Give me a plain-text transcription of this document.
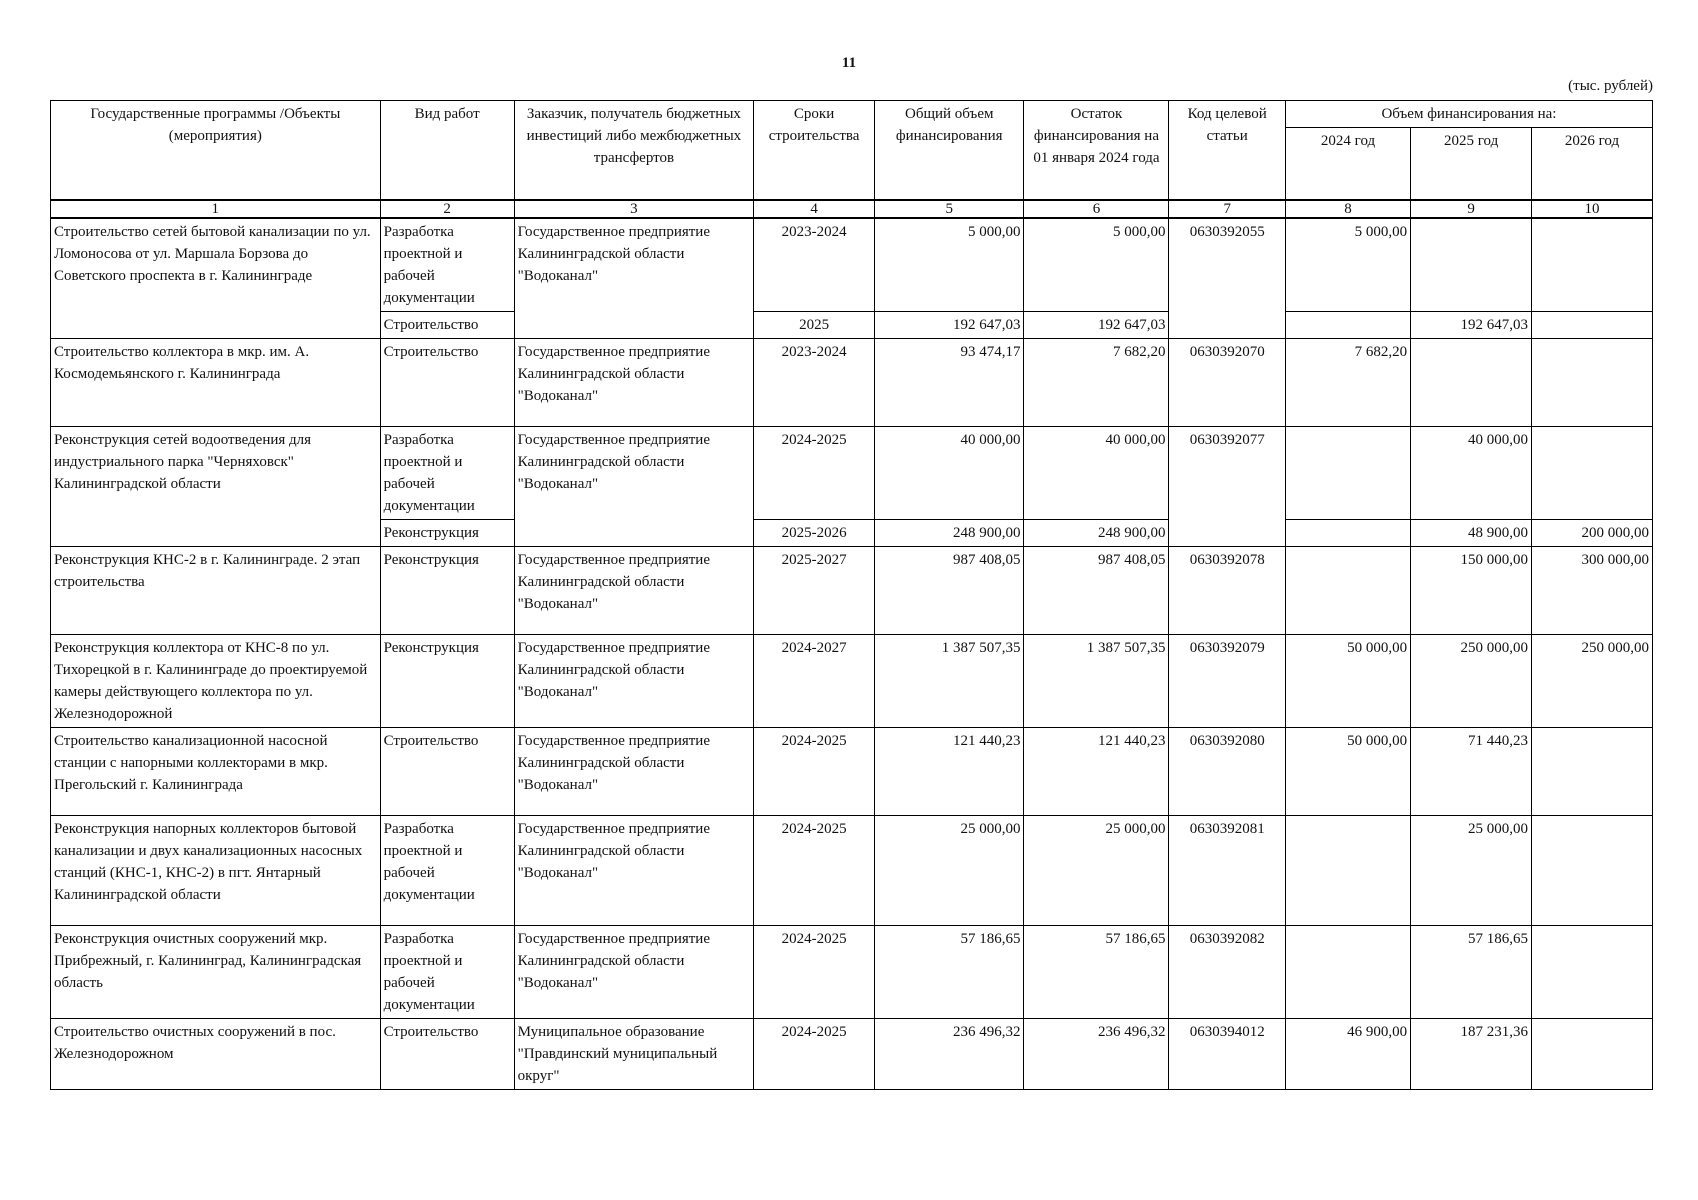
11
(тыс. рублей)
Государственные программы /Объекты (мероприятия)	Вид работ	Заказчик, получатель бюджетных инвестиций либо межбюджетных трансфертов	Сроки строительства	Общий объем финансирования	Остаток финансирования на 01 января 2024 года	Код целевой статьи	Объем финансирования на:		
							2024 год	2025 год	2026 год
1	2	3	4	5	6	7	8	9	10
Строительство сетей бытовой канализации по ул. Ломоносова от ул. Маршала Борзова до Советского проспекта в г. Калининграде	Разработка проектной и рабочей документации	Государственное предприятие Калининградской области "Водоканал"	2023-2024	5 000,00	5 000,00	0630392055	5 000,00		
	Строительство		2025	192 647,03	192 647,03			192 647,03	
Строительство коллектора в мкр. им. А. Космодемьянского г. Калининграда	Строительство	Государственное предприятие Калининградской области "Водоканал"	2023-2024	93 474,17	7 682,20	0630392070	7 682,20		
Реконструкция сетей водоотведения для индустриального парка "Черняховск" Калининградской области	Разработка проектной и рабочей документации	Государственное предприятие Калининградской области "Водоканал"	2024-2025	40 000,00	40 000,00	0630392077		40 000,00	
	Реконструкция		2025-2026	248 900,00	248 900,00			48 900,00	200 000,00
Реконструкция КНС-2 в г. Калининграде. 2 этап строительства	Реконструкция	Государственное предприятие Калининградской области "Водоканал"	2025-2027	987 408,05	987 408,05	0630392078		150 000,00	300 000,00
Реконструкция коллектора от КНС-8 по ул. Тихорецкой в г. Калининграде до проектируемой камеры действующего коллектора по ул. Железнодорожной	Реконструкция	Государственное предприятие Калининградской области "Водоканал"	2024-2027	1 387 507,35	1 387 507,35	0630392079	50 000,00	250 000,00	250 000,00
Строительство канализационной насосной станции с напорными коллекторами в мкр. Прегольский г. Калининграда	Строительство	Государственное предприятие Калининградской области "Водоканал"	2024-2025	121 440,23	121 440,23	0630392080	50 000,00	71 440,23	
Реконструкция напорных коллекторов бытовой канализации и двух канализационных насосных станций (КНС-1, КНС-2) в пгт. Янтарный Калининградской области	Разработка проектной и рабочей документации	Государственное предприятие Калининградской области "Водоканал"	2024-2025	25 000,00	25 000,00	0630392081		25 000,00	
Реконструкция очистных сооружений мкр. Прибрежный, г. Калининград, Калининградская область	Разработка проектной и рабочей документации	Государственное предприятие Калининградской области "Водоканал"	2024-2025	57 186,65	57 186,65	0630392082		57 186,65	
Строительство очистных сооружений в пос. Железнодорожном	Строительство	Муниципальное образование "Правдинский муниципальный округ"	2024-2025	236 496,32	236 496,32	0630394012	46 900,00	187 231,36	
